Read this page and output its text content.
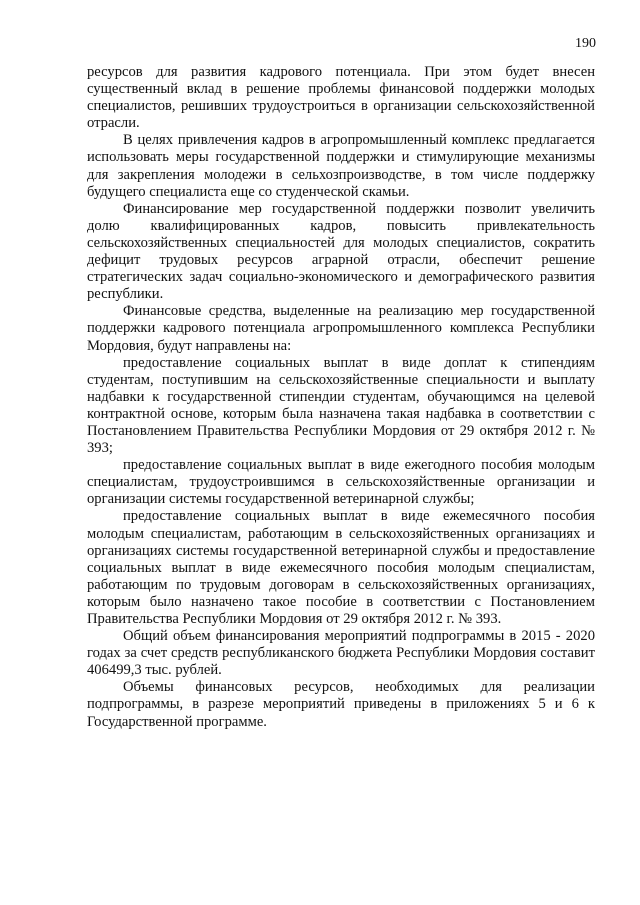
190

ресурсов для развития кадрового потенциала. При этом будет внесен существенный вклад в решение проблемы финансовой поддержки молодых специалистов, решивших трудоустроиться в организации сельскохозяйственной отрасли.

В целях привлечения кадров в агропромышленный комплекс предлагается использовать меры государственной поддержки и стимулирующие механизмы для закрепления молодежи в сельхозпроизводстве, в том числе поддержку будущего специалиста еще со студенческой скамьи.

Финансирование мер государственной поддержки позволит увеличить долю квалифицированных кадров, повысить привлекательность сельскохозяйственных специальностей для молодых специалистов, сократить дефицит трудовых ресурсов аграрной отрасли, обеспечит решение стратегических задач социально-экономического и демографического развития республики.

Финансовые средства, выделенные на реализацию мер государственной поддержки кадрового потенциала агропромышленного комплекса Республики Мордовия, будут направлены на:

предоставление социальных выплат в виде доплат к стипендиям студентам, поступившим на сельскохозяйственные специальности и выплату надбавки к государственной стипендии студентам, обучающимся на целевой контрактной основе, которым была назначена такая надбавка в соответствии с Постановлением Правительства Республики Мордовия от 29 октября 2012 г. № 393;

предоставление социальных выплат в виде ежегодного пособия молодым специалистам, трудоустроившимся в сельскохозяйственные организации и организации системы государственной ветеринарной службы;

предоставление социальных выплат в виде ежемесячного пособия молодым специалистам, работающим в сельскохозяйственных организациях и организациях системы государственной ветеринарной службы и предоставление социальных выплат в виде ежемесячного пособия молодым специалистам, работающим по трудовым договорам в сельскохозяйственных организациях, которым было назначено такое пособие в соответствии с Постановлением Правительства Республики Мордовия от 29 октября 2012 г. № 393.

Общий объем финансирования мероприятий подпрограммы в 2015 - 2020 годах за счет средств республиканского бюджета Республики Мордовия составит 406499,3 тыс. рублей.

Объемы финансовых ресурсов, необходимых для реализации подпрограммы, в разрезе мероприятий приведены в приложениях 5 и 6 к Государственной программе.
